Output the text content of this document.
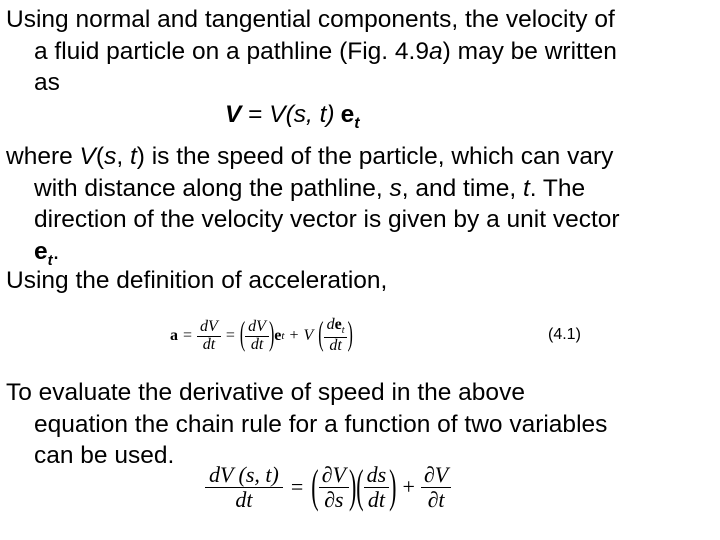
Using normal and tangential components, the velocity of
a fluid particle on a pathline (Fig. 4.9a) may be written
as
V = V(s, t) $e_t$
where V(s, t) is the speed of the particle, which can vary
with distance along the pathline, s, and time, t. The
direction of the velocity vector is given by a unit vector
$e_t$.
Using the definition of acceleration,
$a = \frac{dV}{dt}$ = ( $\frac{dV}{dt}$ ) e t + V ( $\frac{de_t}{dt}$ )	(4.1)
To evaluate the derivative of speed in the above
equation the chain rule for a function of two variables
can be used.
$\frac{dV (s, t)}{dt}$ = ( $\frac{\partial V}{\partial s}$ ) ( $\frac{ds}{dt}$ ) + $\frac{\partial V}{\partial t}$
